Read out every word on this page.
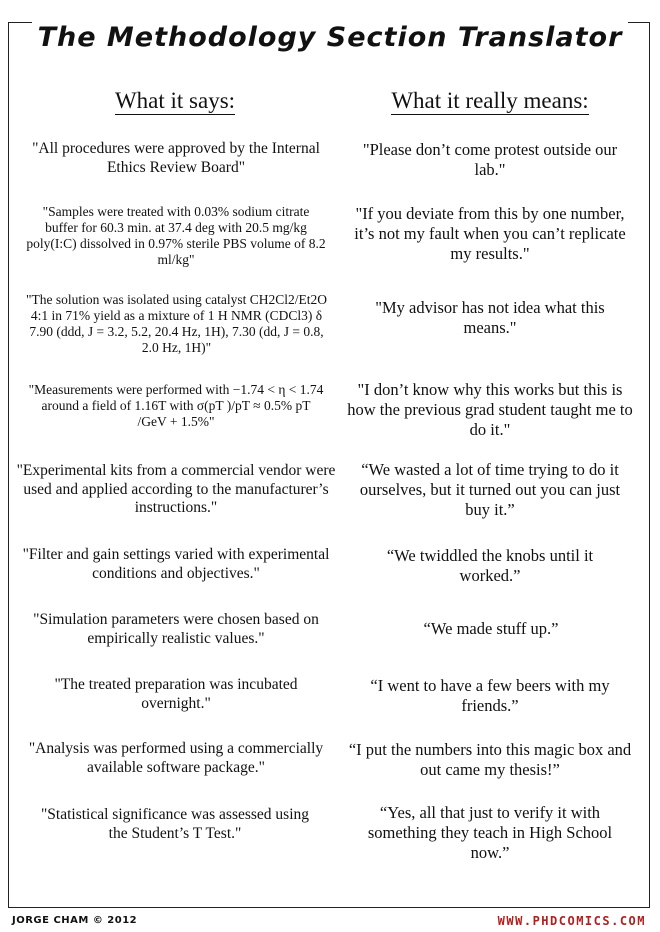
The Methodology Section Translator
What it says:	What it really means:

"All procedures were approved by the Internal Ethics Review Board"

"Please don’t come protest outside our lab."

"Samples were treated with 0.03% sodium citrate buffer for 60.3 min. at 37.4 deg with 20.5 mg/kg poly(I:C) dissolved in 0.97% sterile PBS volume of 8.2 ml/kg"

"If you deviate from this by one number, it’s not my fault when you can’t replicate my results."

"The solution was isolated using catalyst CH2Cl2/Et2O 4:1 in 71% yield as a mixture of 1 H NMR (CDCl3) δ 7.90 (ddd, J = 3.2, 5.2, 20.4 Hz, 1H), 7.30 (dd, J = 0.8, 2.0 Hz, 1H)"

"My advisor has not idea what this means."

"Measurements were performed with −1.74 < η < 1.74 around a field of 1.16T with σ(pT )/pT ≈ 0.5% pT /GeV + 1.5%"

"I don’t know why this works but this is how the previous grad student taught me to do it."

"Experimental kits from a commercial vendor were used and applied according to the manufacturer’s instructions."

“We wasted a lot of time trying to do it ourselves, but it turned out you can just buy it.”

"Filter and gain settings varied with experimental conditions and objectives."

“We twiddled the knobs until it worked.”

"Simulation parameters were chosen based on empirically realistic values."

“We made stuff up.”

"The treated preparation was incubated overnight."

“I went to have a few beers with my friends.”

"Analysis was performed using a commercially available software package."

“I put the numbers into this magic box and out came my thesis!”

"Statistical significance was assessed using the Student’s T Test."

“Yes, all that just to verify it with something they teach in High School now.”

JORGE CHAM © 2012	WWW.PHDCOMICS.COM
